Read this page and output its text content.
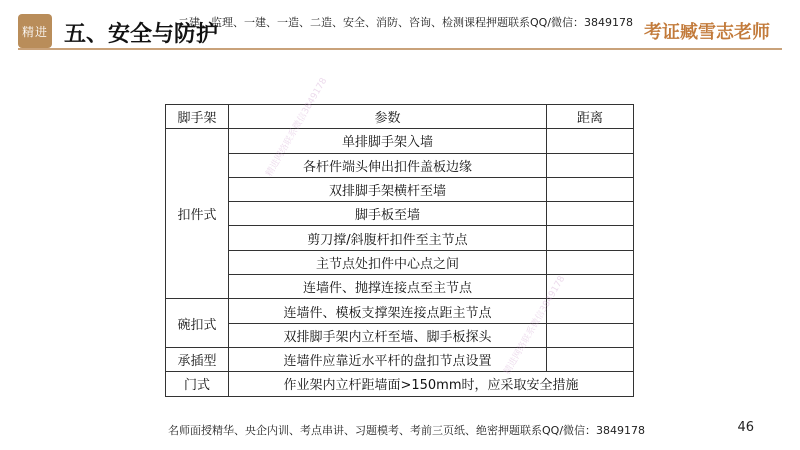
精进 五、安全与防护
二建、监理、一建、一造、二造、安全、消防、咨询、检测课程押题联系QQ/微信：3849178 考证臧雪志老师
脚手架	参数	距离
扣件式	单排脚手架入墙	
	各杆件端头伸出扣件盖板边缘	
	双排脚手架横杆至墙	
	脚手板至墙	
	剪刀撑/斜腹杆扣件至主节点	
	主节点处扣件中心点之间	
	连墙件、抛撑连接点至主节点	
碗扣式	连墙件、模板支撑架连接点距主节点	
	双排脚手架内立杆至墙、脚手板探头	
承插型	连墙件应靠近水平杆的盘扣节点设置	
门式	作业架内立杆距墙面>150mm时，应采取安全措施	
精进网络联系微信3849178
精进网络联系微信3849178
名师面授精华、央企内训、考点串讲、习题模考、考前三页纸、绝密押题联系QQ/微信：3849178	46
